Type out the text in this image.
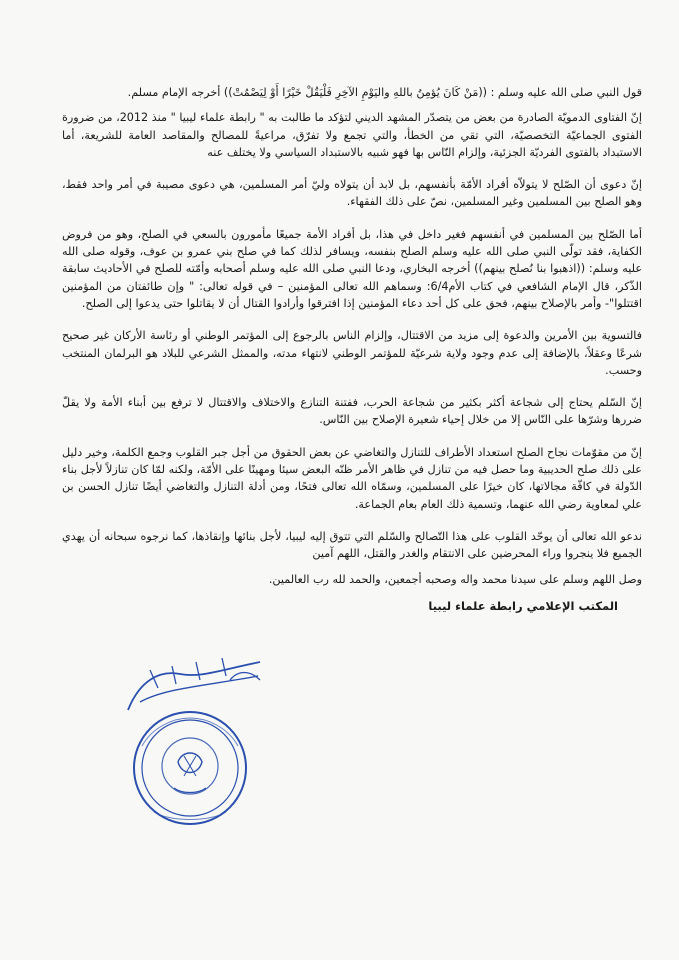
قول النبي صلى الله عليه وسلم : ((مَنْ كَانَ يُؤمِنُ باللهِ واليَوْمِ الآخِرِ فَلْيَقُلْ خَيْرًا أَوْ لِيَصْمُتْ)) أخرجه الإمام مسلم.

إنّ الفتاوى الدمويّة الصادرة من بعض من يتصدّر المشهد الديني لتؤكد ما طالبت به " رابطة علماء ليبيا " منذ 2012، من ضرورة الفتوى الجماعيّة التخصصيّة، التي تقي من الخطأ، والتي تجمع ولا تفرّق، مراعيةً للمصالح والمقاصد العامة للشريعة، أما الاستبداد بالفتوى الفرديّة الجزئية، وإلزام النّاس بها فهو شبيه بالاستبداد السياسي ولا يختلف عنه

إنّ دعوى أن الصّلح لا يتولاّه أفراد الأمّة بأنفسهم، بل لابد أن يتولاه وليّ أمر المسلمين، هي دعوى مصيبة في أمر واحد فقط، وهو الصلح بين المسلمين وغير المسلمين، نصّ على ذلك الفقهاء.

أما الصّلح بين المسلمين في أنفسهم فغير داخل في هذا، بل أفراد الأمة جميعًا مأمورون بالسعي في الصلح، وهو من فروض الكفاية، فقد تولّى النبي صلى الله عليه وسلم الصلح بنفسه، ويسافر لذلك كما في صلح بني عمرو بن عوف، وقوله صلى الله عليه وسلم: ((اذهبوا بنا نُصلح بينهم)) أخرجه البخاري، ودعا النبي صلى الله عليه وسلم أصحابه وأمّته للصلح في الأحاديث سابقة الذّكر، قال الإمام الشافعي في كتاب الأم6/4: وسماهم الله تعالى المؤمنين – في قوله تعالى: " وإن طائفتان من المؤمنين اقتتلوا"- وأمر بالإصلاح بينهم، فحق على كل أحد دعاء المؤمنين إذا افترقوا وأرادوا القتال أن لا يقاتلوا حتى يدعوا إلى الصلح.

فالتسوية بين الأمرين والدعوة إلى مزيد من الاقتتال، وإلزام الناس بالرجوع إلى المؤتمر الوطني أو رئاسة الأركان غير صحيح شرعًا وعقلاً، بالإضافة إلى عدم وجود ولاية شرعيّة للمؤتمر الوطني لانتهاء مدته، والممثل الشرعي للبلاد هو البرلمان المنتخب وحسب.

إنّ السّلم يحتاج إلى شجاعة أكثر بكثير من شجاعة الحرب، ففتنة التنازع والاختلاف والاقتتال لا ترفع بين أبناء الأمة ولا يقلّ ضررها وشرّها على النّاس إلا من خلال إحياء شعيرة الإصلاح بين النّاس.

إنّ من مقوّمات نجاح الصلح استعداد الأطراف للتنازل والتغاضي عن بعض الحقوق من أجل جبر القلوب وجمع الكلمة، وخير دليل على ذلك صلح الحديبية وما حصل فيه من تنازل في ظاهر الأمر ظنّه البعض سيئا ومهينًا على الأمّة، ولكنه لمّا كان تنازلاً لأجل بناء الدّولة في كافّة مجالاتها، كان خيرًا على المسلمين، وسمّاه الله تعالى فتحًا، ومن أدلة التنازل والتغاضي أيضًا تنازل الحسن بن علي لمعاوية رضي الله عنهما، وتسمية ذلك العام بعام الجماعة.

ندعو الله تعالى أن يوحّد القلوب على هذا التّصالح والسّلم التي تتوق إليه ليبيا، لأجل بنائها وإنقاذها، كما نرجوه سبحانه أن يهدي الجميع فلا ينجروا وراء المحرضين على الانتقام والغدر والقتل، اللهم آمين

وصل اللهم وسلم على سيدنا محمد واله وصحبه أجمعين، والحمد لله رب العالمين.

المكتب الإعلامي رابطة علماء ليبيا
